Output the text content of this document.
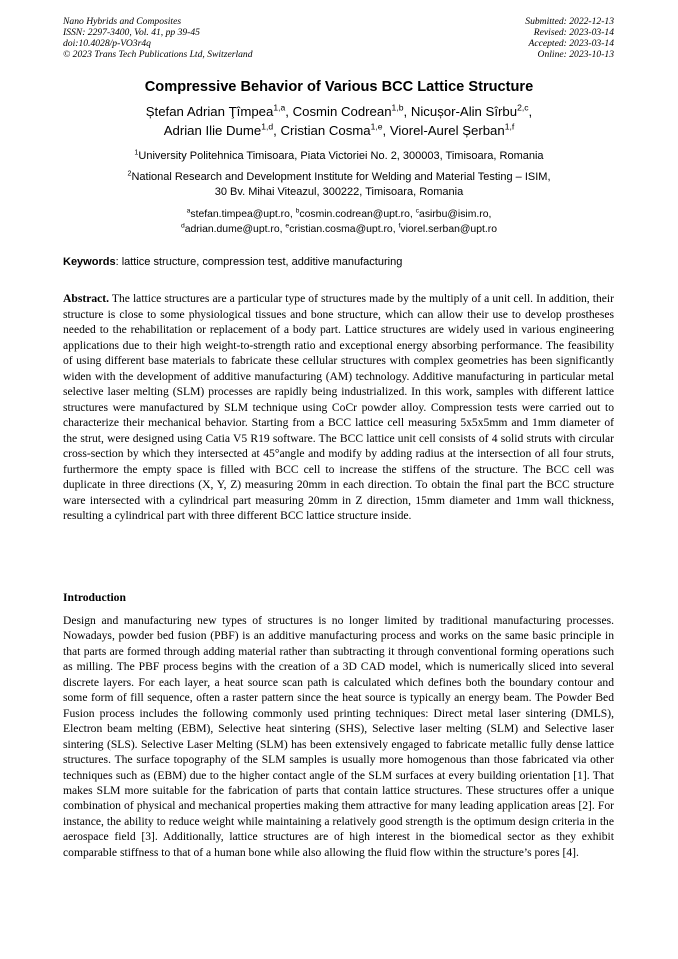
Nano Hybrids and Composites
ISSN: 2297-3400, Vol. 41, pp 39-45
doi:10.4028/p-VO3r4q
© 2023 Trans Tech Publications Ltd, Switzerland
Submitted: 2022-12-13
Revised: 2023-03-14
Accepted: 2023-03-14
Online: 2023-10-13
Compressive Behavior of Various BCC Lattice Structure
Ștefan Adrian Ţîmpea$^{1,a}$, Cosmin Codrean$^{1,b}$, Nicușor-Alin Sîrbu$^{2,c}$,
Adrian Ilie Dume$^{1,d}$, Cristian Cosma$^{1,e}$, Viorel-Aurel Șerban$^{1,f}$
$^1$University Politehnica Timisoara, Piata Victoriei No. 2, 300003, Timisoara, Romania
$^2$National Research and Development Institute for Welding and Material Testing – ISIM,
30 Bv. Mihai Viteazul, 300222, Timisoara, Romania
$^a$stefan.timpea@upt.ro, $^b$cosmin.codrean@upt.ro, $^c$asirbu@isim.ro,
$^d$adrian.dume@upt.ro, $^e$cristian.cosma@upt.ro, $^f$viorel.serban@upt.ro
Keywords: lattice structure, compression test, additive manufacturing

Abstract. The lattice structures are a particular type of structures made by the multiply of a unit cell. In addition, their structure is close to some physiological tissues and bone structure, which can allow their use to develop prostheses needed to the rehabilitation or replacement of a body part. Lattice structures are widely used in various engineering applications due to their high weight-to-strength ratio and exceptional energy absorbing performance. The feasibility of using different base materials to fabricate these cellular structures with complex geometries has been significantly widen with the development of additive manufacturing (AM) technology. Additive manufacturing in particular metal selective laser melting (SLM) processes are rapidly being industrialized. In this work, samples with different lattice structures were manufactured by SLM technique using CoCr powder alloy. Compression tests were carried out to characterize their mechanical behavior. Starting from a BCC lattice cell measuring 5x5x5mm and 1mm diameter of the strut, were designed using Catia V5 R19 software. The BCC lattice unit cell consists of 4 solid struts with circular cross-section by which they intersected at 45°angle and modify by adding radius at the intersection of all four struts, furthermore the empty space is filled with BCC cell to increase the stiffens of the structure. The BCC cell was duplicate in three directions (X, Y, Z) measuring 20mm in each direction. To obtain the final part the BCC structure ware intersected with a cylindrical part measuring 20mm in Z direction, 15mm diameter and 1mm wall thickness, resulting a cylindrical part with three different BCC lattice structure inside.

Introduction

Design and manufacturing new types of structures is no longer limited by traditional manufacturing processes. Nowadays, powder bed fusion (PBF) is an additive manufacturing process and works on the same basic principle in that parts are formed through adding material rather than subtracting it through conventional forming operations such as milling. The PBF process begins with the creation of a 3D CAD model, which is numerically sliced into several discrete layers. For each layer, a heat source scan path is calculated which defines both the boundary contour and some form of fill sequence, often a raster pattern since the heat source is typically an energy beam. The Powder Bed Fusion process includes the following commonly used printing techniques: Direct metal laser sintering (DMLS), Electron beam melting (EBM), Selective heat sintering (SHS), Selective laser melting (SLM) and Selective laser sintering (SLS). Selective Laser Melting (SLM) has been extensively engaged to fabricate metallic fully dense lattice structures. The surface topography of the SLM samples is usually more homogenous than those fabricated via other techniques such as (EBM) due to the higher contact angle of the SLM surfaces at every building orientation [1]. That makes SLM more suitable for the fabrication of parts that contain lattice structures. These structures offer a unique combination of physical and mechanical properties making them attractive for many leading application areas [2]. For instance, the ability to reduce weight while maintaining a relatively good strength is the optimum design criteria in the aerospace field [3]. Additionally, lattice structures are of high interest in the biomedical sector as they exhibit comparable stiffness to that of a human bone while also allowing the fluid flow within the structure’s pores [4].
